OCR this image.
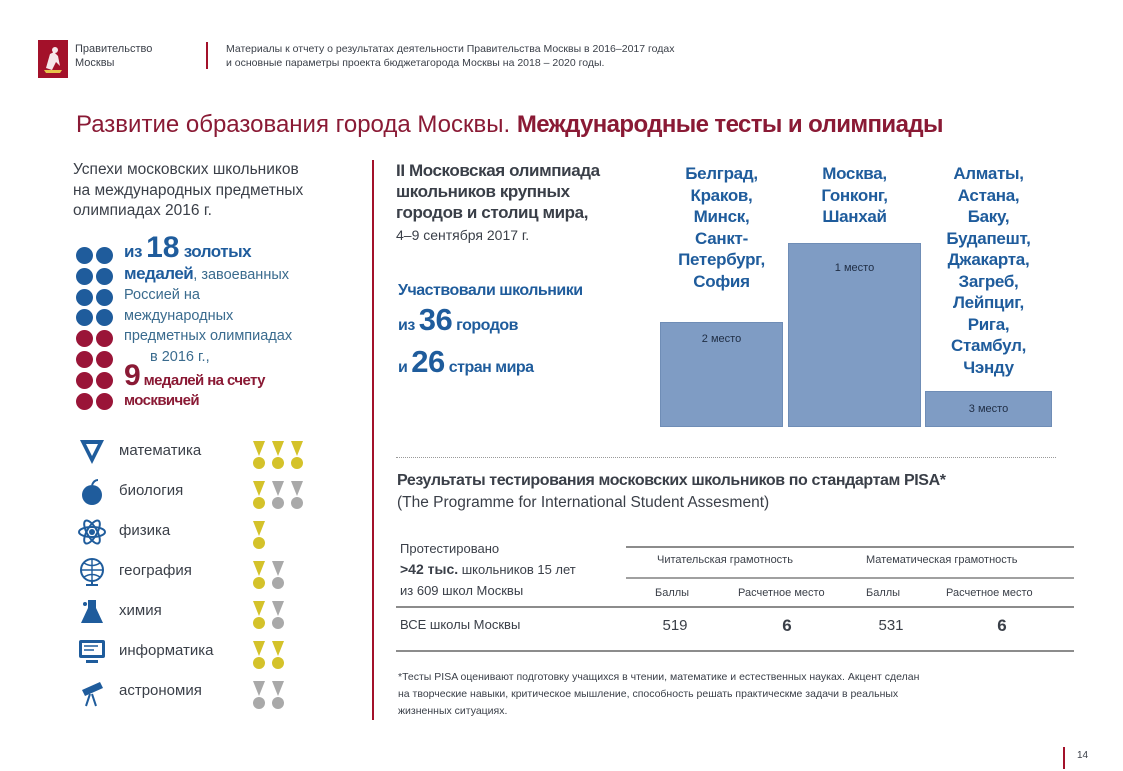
Правительство
Москвы
Материалы к отчету о результатах деятельности Правительства Москвы в 2016–2017 годах
и основные параметры проекта бюджетагорода Москвы на 2018 – 2020 годы.
Развитие образования города Москвы. Международные тесты и олимпиады
Успехи московских школьников
на международных предметных
олимпиадах 2016 г.
из 18 золотых
медалей, завоеванных
Россией на
международных
предметных олимпиадах
в 2016 г.,
9 медалей на счету
москвичей
математика
биология
физика
география
химия
информатика
астрономия
II Московская олимпиада
школьников крупных
городов и столиц мира,
4–9 сентября 2017 г.
Участвовали школьники
из 36 городов
и 26 стран мира
2 место
1 место
3 место
Белград,
Краков,
Минск,
Санкт-
Петербург,
София
Москва,
Гонконг,
Шанхай
Алматы,
Астана,
Баку,
Будапешт,
Джакарта,
Загреб,
Лейпциг,
Рига,
Стамбул,
Чэнду
Результаты тестирования московских школьников по стандартам PISA*
(The Programme for International Student Assesment)
Протестировано
>42 тыс. школьников 15 лет
из 609 школ Москвы
Читательская грамотность	Математическая грамотность
Баллы	Расчетное место	Баллы	Расчетное место
ВСЕ школы Москвы	519	6	531	6
*Тесты PISA оценивают подготовку учащихся в чтении, математике и естественных науках. Акцент сделан
на творческие навыки, критическое мышление, способность решать практическме задачи в реальных
жизненных ситуациях.
14
